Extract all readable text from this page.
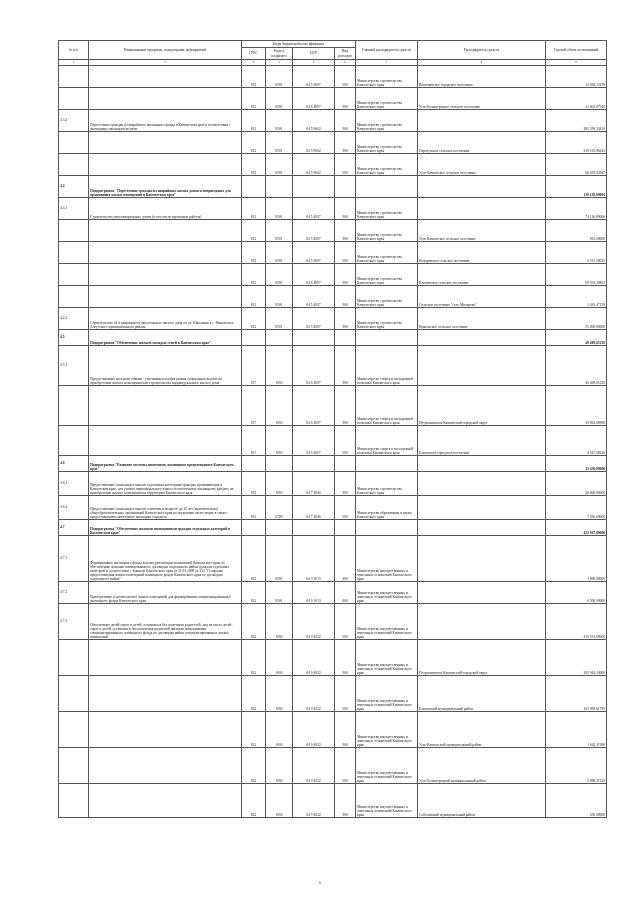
№ п/п	Наименование программ, подпрограмм, мероприятий	Коды бюджетной классификации				Главный распорядитель средств	Распорядитель средств	Годовой объем ассигнований
		ГРБС	Раздел, подраздел	ЦСР	Вид расходов			
1	2	3	4	5	6	7	8	9
		812	0501	04 5 4007	500	Министерство строительства Камчатского края	Вилючинское городское поселение	12 030,13176
		812	0501	04 5 4007	500	Министерство строительства Камчатского края	Усть-Большерецкое сельское поселение	21 601,07920
4.3.2	Переселение граждан из аварийного жилищного фонда в Камчатском крае в соответствии с жилищным законодательством	812	0501	04 5 9602	500	Министерство строительства Камчатского края		285 559,33410
		812	0501	04 5 9602	500	Министерство строительства Камчатского края	Паратунское сельское поселение	219 103,86443
		812	0501	04 5 9602	500	Министерство строительства Камчатского края	Усть-Камчатское сельское поселение	66 455,52967
4.4	Подпрограмма "Переселение граждан из аварийных жилых домов и непригодных для проживания жилых помещений в Камчатском крае"							129 120,00004
4.4.1	Строительство многоквартирных домов (в том числе проектные работы)	812	0501	04 5 4007	500	Министерство строительства Камчатского края		74 126,09066
		812	0501	04 5 4007	500	Министерство строительства Камчатского края	Усть-Камчатское сельское поселение	935,00000
		812	0501	04 5 4007	500	Министерство строительства Камчатского края	Козыревское сельское поселение	2 315,50025
		812	0501	04 5 4007	500	Министерство строительства Камчатского края	Ключевское сельское поселение	69 393,29801
		812	0501	04 5 4007	500	Министерство строительства Камчатского края	Сельское поселение "село Мильково"	1 481,47159
4.4.2	Строительство 24-х квартирного двухэтажного жилого дома по ул. Школьная в с. Никольское Алеутского муниципального района	812	0501	04 5 4007	500	Министерство строительства Камчатского края	Никольское сельское поселение	55 000,00000
4.5	Подпрограмма "Обеспечение жильем молодых семей в Камчатском крае"							40 409,65120
4.5.1	Предоставление молодым семьям - участникам подпрограммы социальных выплат на приобретение жилого помещения или строительство индивидуального жилого дома	817	1003	04 6 4007	500	Министерство спорта и молодежной политики Камчатского края		40 409,65120
		817	1003	04 6 4007	500	Министерство спорта и молодежной политики Камчатского края	Петропавловск-Камчатский городской округ	35 862,06900
		817	1003	04 6 4007	500	Министерство спорта и молодежной политики Камчатского края	Елизовское городское поселение	4 547,58220
4.6	Подпрограмма "Развитие системы ипотечного жилищного кредитования в Камчатском крае"							33 456,09000
4.6.1	Предоставление социальных выплат отдельным категориям граждан, проживающих в Камчатском крае, для уплаты первоначального взноса по ипотечному жилищному кредиту на приобретение жилого помещения на территории Камчатского края	812	1003	04 7 4040	300	Министерство строительства Камчатского края		26 000,00000
4.6.2	Предоставление социальных выплат учителям в возрасте до 35 лет (включительно) общеобразовательных организаций Камчатского края на погашение части затрат в связи с предоставлением ипотечного жилищного кредита	813	0709	04 7 4046	500	Министерство образования и науки Камчатского края		7 456,09000
4.7	Подпрограмма "Обеспечение жилыми помещениями граждан отдельных категорий в Камчатском крае"							423 927,09000
4.7.1	Формирование жилищного фонда в целях реализации полномочий Камчатского края по обеспечению жилыми помещениями по договорам социального найма граждан отдельных категорий в соответствии с Законом Камчатского края от 31.03.2009 № 253 "О порядке предоставления жилых помещений жилищного фонда Камчатского края по договорам социального найма"	822	0501	04 9 1013	400	Министерство имущественных и земельных отношений Камчатского края		1 890,00000
4.7.2	Приобретение (строительство) жилых помещений для формирования специализированного жилищного фонда Камчатского края	822	0501	04 9 1013	400	Министерство имущественных и земельных отношений Камчатского края		6 500,00000
4.7.3	Обеспечение детей-сирот и детей, оставшихся без попечения родителей, лиц из числа детей-сирот и детей, оставшихся без попечения родителей жилыми помещениями специализированного жилищного фонда по договорам найма специализированных жилых помещений	822	1004	04 9 4022	500	Министерство имущественных и земельных отношений Камчатского края		415 531,09000
		822	1004	04 9 4022	500	Министерство имущественных и земельных отношений Камчатского края	Петропавловск-Камчатский городской округ	205 944,10000
		822	1004	04 9 4022	500	Министерство имущественных и земельных отношений Камчатского края	Елизовский муниципальный район	163 999,61785
		822	1004	04 9 4022	500	Министерство имущественных и земельных отношений Камчатского края	Усть-Камчатский муниципальный район	1 642,11900
		822	1004	04 9 4022	500	Министерство имущественных и земельных отношений Камчатского края	Усть-Большерецкий муниципальный район	2 098,31520
		822	1004	04 9 4022	500	Министерство имущественных и земельных отношений Камчатского края	Соболевский муниципальный район	450,00000
6
